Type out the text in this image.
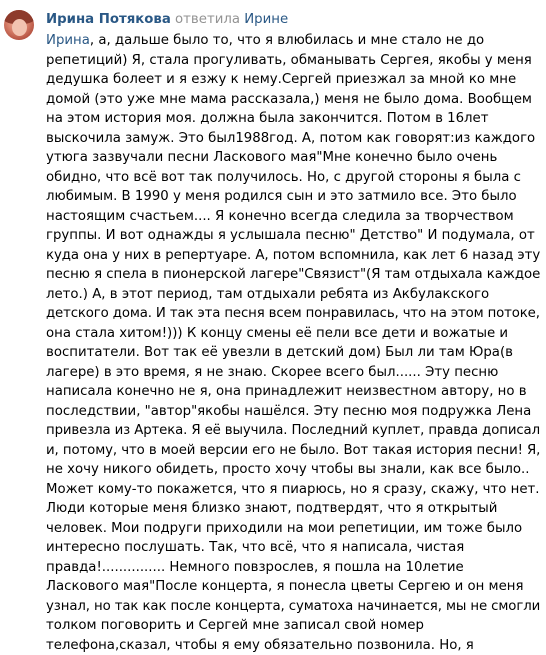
Ирина Потякова ответила Ирине
Ирина, а, дальше было то, что я влюбилась и мне стало не до
репетиций) Я, стала прогуливать, обманывать Сергея, якобы у меня
дедушка болеет и я езжу к нему.Сергей приезжал за мной ко мне
домой (это уже мне мама рассказала,) меня не было дома. Вообщем
на этом история моя. должна была закончится. Потом в 16лет
выскочила замуж. Это был1988год. А, потом как говорят:из каждого
утюга зазвучали песни Ласкового мая"Мне конечно было очень
обидно, что всё вот так получилось. Но, с другой стороны я была с
любимым. В 1990 у меня родился сын и это затмило все. Это было
настоящим счастьем.... Я конечно всегда следила за творчеством
группы. И вот однажды я услышала песню" Детство" И подумала, от
куда она у них в репертуаре. А, потом вспомнила, как лет 6 назад эту
песню я спела в пионерской лагере"Связист"(Я там отдыхала каждое
лето.) А, в этот период, там отдыхали ребята из Акбулакского
детского дома. И так эта песня всем понравилась, что на этом потоке,
она стала хитом!))) К концу смены её пели все дети и вожатые и
воспитатели. Вот так её увезли в детский дом) Был ли там Юра(в
лагере) в это время, я не знаю. Скорее всего был...... Эту песню
написала конечно не я, она принадлежит неизвестном автору, но в
последствии, "автор"якобы нашёлся. Эту песню моя подружка Лена
привезла из Артека. Я её выучила. Последний куплет, правда дописал
и, потому, что в моей версии его не было. Вот такая история песни! Я,
не хочу никого обидеть, просто хочу чтобы вы знали, как все было..
Может кому-то покажется, что я пиарюсь, но я сразу, скажу, что нет.
Люди которые меня близко знают, подтвердят, что я открытый
человек. Мои подруги приходили на мои репетиции, им тоже было
интересно послушать. Так, что всё, что я написала, чистая
правда!............... Немного повзрослев, я пошла на 10летие
Ласкового мая"После концерта, я понесла цветы Сергею и он меня
узнал, но так как после концерта, суматоха начинается, мы не смогли
толком поговорить и Сергей мне записал свой номер
телефона,сказал, чтобы я ему обязательно позвонила. Но, я
